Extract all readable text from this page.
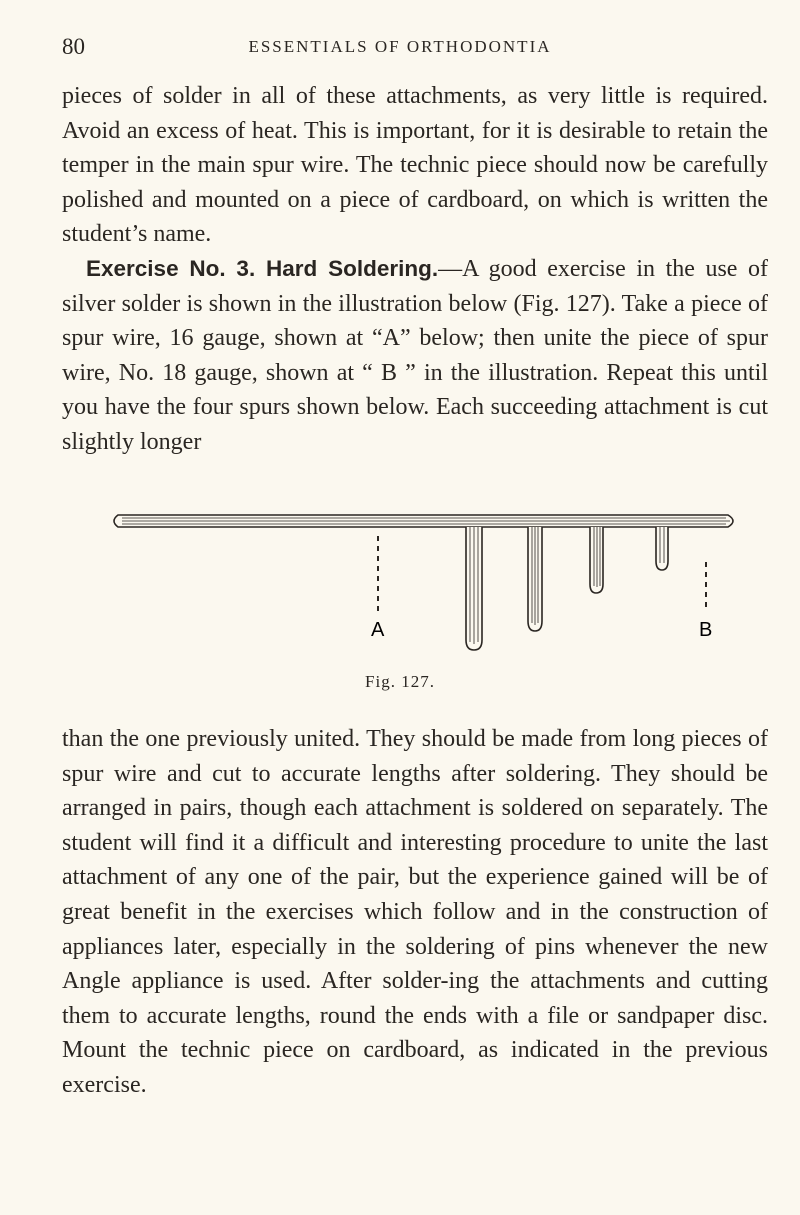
80	ESSENTIALS OF ORTHODONTIA

pieces of solder in all of these attachments, as very little is required. Avoid an excess of heat. This is important, for it is desirable to retain the temper in the main spur wire. The technic piece should now be carefully polished and mounted on a piece of cardboard, on which is written the student’s name.

Exercise No. 3. Hard Soldering.—A good exercise in the use of silver solder is shown in the illustration below (Fig. 127). Take a piece of spur wire, 16 gauge, shown at “A” below; then unite the piece of spur wire, No. 18 gauge, shown at “ B ” in the illustration. Repeat this until you have the four spurs shown below. Each succeeding attachment is cut slightly longer

A	B
Fig. 127.

than the one previously united. They should be made from long pieces of spur wire and cut to accurate lengths after soldering. They should be arranged in pairs, though each attachment is soldered on separately. The student will find it a difficult and interesting procedure to unite the last attachment of any one of the pair, but the experience gained will be of great benefit in the exercises which follow and in the construction of appliances later, especially in the soldering of pins whenever the new Angle appliance is used. After solder-ing the attachments and cutting them to accurate lengths, round the ends with a file or sandpaper disc. Mount the technic piece on cardboard, as indicated in the previous exercise.
